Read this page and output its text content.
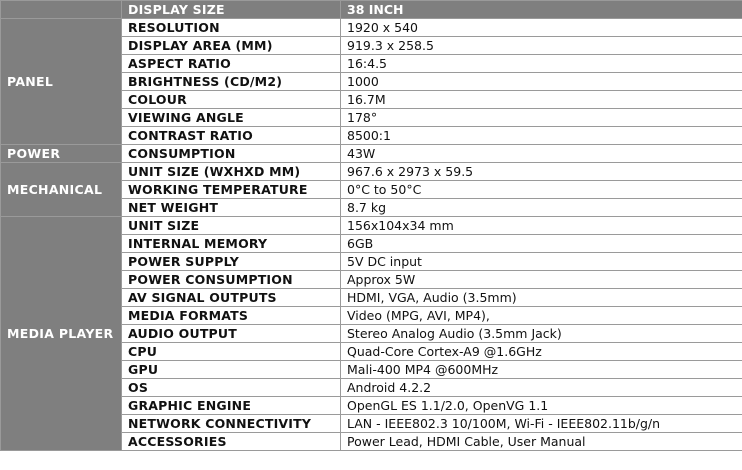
	DISPLAY SIZE	38 INCH
PANEL	RESOLUTION	1920 x 540
	DISPLAY AREA (MM)	919.3 x 258.5
	ASPECT RATIO	16:4.5
	BRIGHTNESS (CD/M2)	1000
	COLOUR	16.7M
	VIEWING ANGLE	178°
	CONTRAST RATIO	8500:1
POWER	CONSUMPTION	43W
MECHANICAL	UNIT SIZE (WXHXD MM)	967.6 x 2973 x 59.5
	WORKING TEMPERATURE	0°C to 50°C
	NET WEIGHT	8.7 kg
MEDIA PLAYER	UNIT SIZE	156x104x34 mm
	INTERNAL MEMORY	6GB
	POWER SUPPLY	5V DC input
	POWER CONSUMPTION	Approx 5W
	AV SIGNAL OUTPUTS	HDMI, VGA, Audio (3.5mm)
	MEDIA FORMATS	Video (MPG, AVI, MP4),
	AUDIO OUTPUT	Stereo Analog Audio (3.5mm Jack)
	CPU	Quad-Core Cortex-A9 @1.6GHz
	GPU	Mali-400 MP4 @600MHz
	OS	Android 4.2.2
	GRAPHIC ENGINE	OpenGL ES 1.1/2.0, OpenVG 1.1
	NETWORK CONNECTIVITY	LAN - IEEE802.3 10/100M, Wi-Fi - IEEE802.11b/g/n
	ACCESSORIES	Power Lead, HDMI Cable, User Manual
